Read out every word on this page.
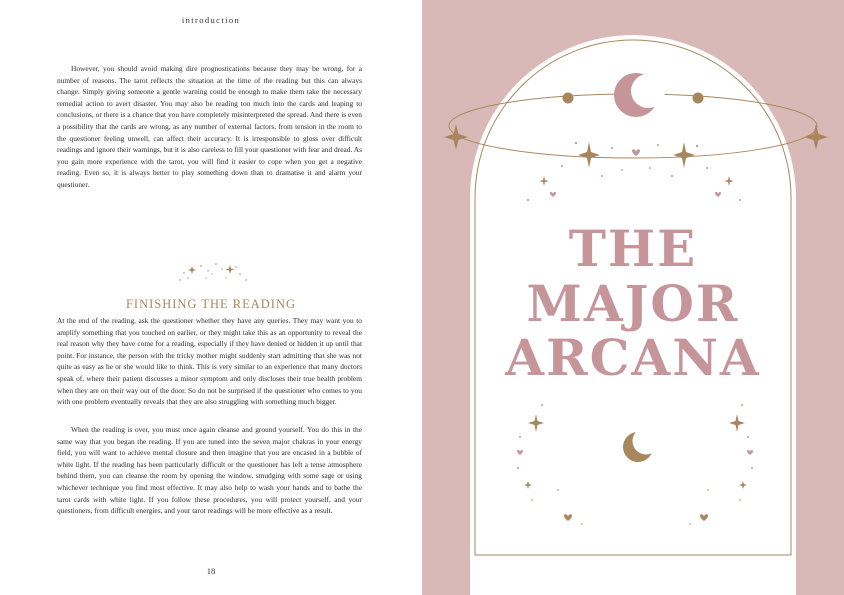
introduction

However, you should avoid making dire prognostications because they may be wrong, for a number of reasons. The tarot reflects the situation at the time of the reading but this can always change. Simply giving someone a gentle warning could be enough to make them take the necessary remedial action to avert disaster. You may also be reading too much into the cards and leaping to conclusions, or there is a chance that you have completely misinterpreted the spread. And there is even a possibility that the cards are wrong, as any number of external factors, from tension in the room to the questioner feeling unwell, can affect their accuracy. It is irresponsible to gloss over difficult readings and ignore their warnings, but it is also careless to fill your questioner with fear and dread. As you gain more experience with the tarot, you will find it easier to cope when you get a negative reading. Even so, it is always better to play something down than to dramatise it and alarm your questioner.

FINISHING THE READING

At the end of the reading, ask the questioner whether they have any queries. They may want you to amplify something that you touched on earlier, or they might take this as an opportunity to reveal the real reason why they have come for a reading, especially if they have denied or hidden it up until that point. For instance, the person with the tricky mother might suddenly start admitting that she was not quite as easy as he or she would like to think. This is very similar to an experience that many doctors speak of, where their patient discusses a minor symptom and only discloses their true health problem when they are on their way out of the door. So do not be surprised if the questioner who comes to you with one problem eventually reveals that they are also struggling with something much bigger.

When the reading is over, you must once again cleanse and ground yourself. You do this in the same way that you began the reading. If you are tuned into the seven major chakras in your energy field, you will want to achieve mental closure and then imagine that you are encased in a bubble of white light. If the reading has been particularly difficult or the questioner has left a tense atmosphere behind them, you can cleanse the room by opening the window, smudging with some sage or using whichever technique you find most effective. It may also help to wash your hands and to bathe the tarot cards with white light. If you follow these procedures, you will protect yourself, and your questioners, from difficult energies, and your tarot readings will be more effective as a result.

18
THE
MAJOR
ARCANA
